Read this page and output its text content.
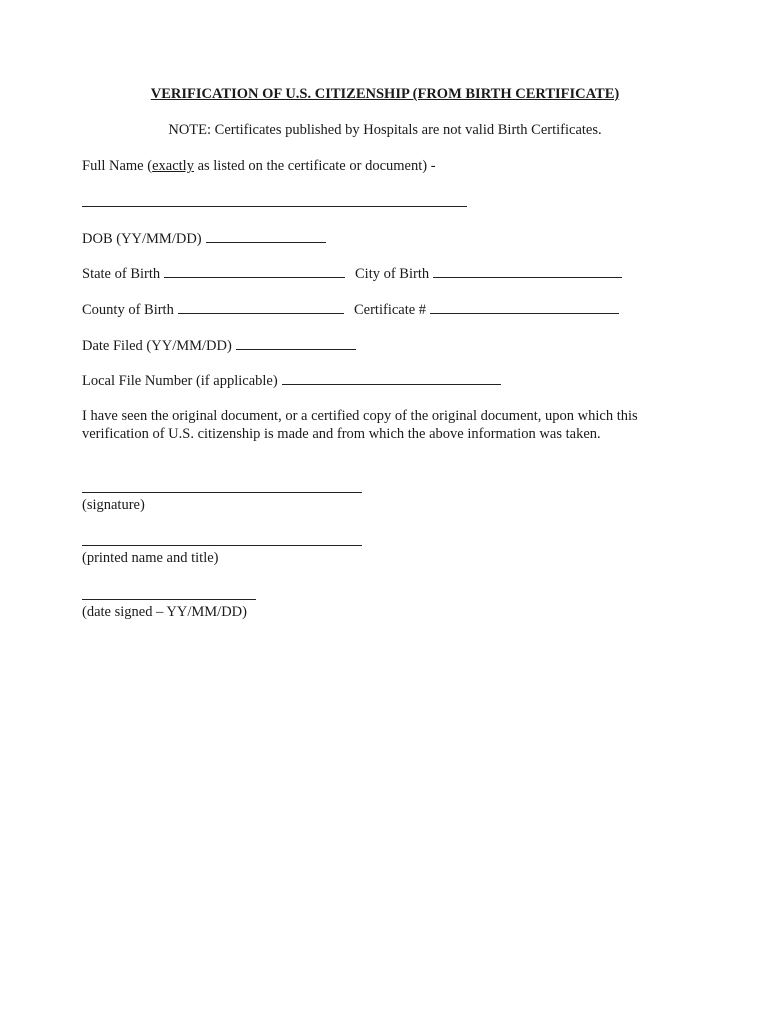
VERIFICATION OF U.S. CITIZENSHIP (FROM BIRTH CERTIFICATE)
NOTE: Certificates published by Hospitals are not valid Birth Certificates.
Full Name (exactly as listed on the certificate or document) -
DOB (YY/MM/DD)
State of Birth	City of Birth
County of Birth	Certificate #
Date Filed (YY/MM/DD)
Local File Number (if applicable)
I have seen the original document, or a certified copy of the original document, upon which this verification of U.S. citizenship is made and from which the above information was taken.
(signature)
(printed name and title)
(date signed – YY/MM/DD)
